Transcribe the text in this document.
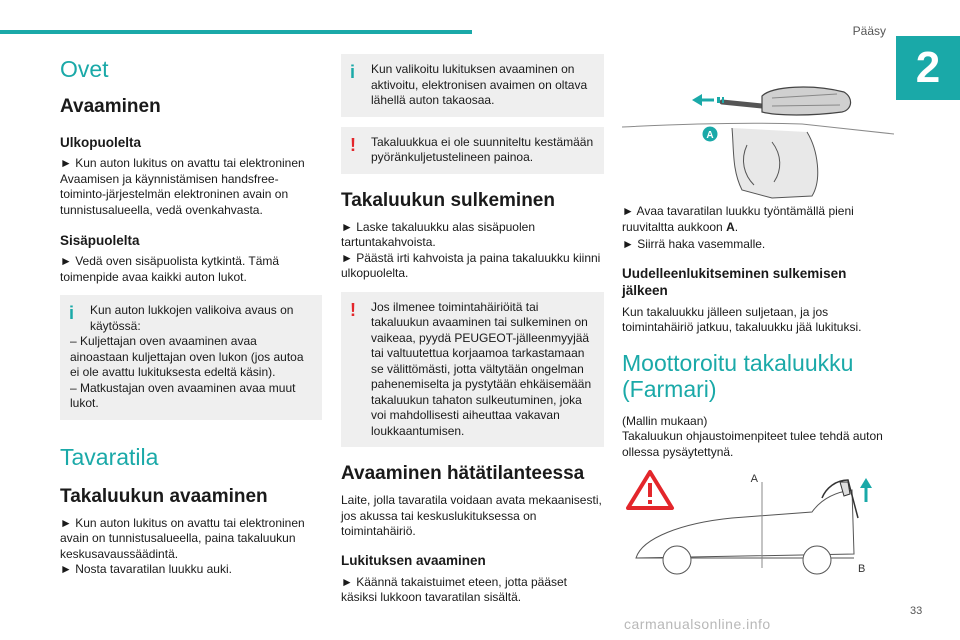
Pääsy
2
Ovet
Avaaminen
Ulkopuolelta
► Kun auton lukitus on avattu tai elektroninen Avaamisen ja käynnistämisen handsfree-toiminto-järjestelmän elektroninen avain on tunnistusalueella, vedä ovenkahvasta.
Sisäpuolelta
► Vedä oven sisäpuolista kytkintä. Tämä toimenpide avaa kaikki auton lukot.
i Kun auton lukkojen valikoiva avaus on käytössä:
– Kuljettajan oven avaaminen avaa ainoastaan kuljettajan oven lukon (jos autoa ei ole avattu lukituksesta edeltä käsin).
– Matkustajan oven avaaminen avaa muut lukot.
Tavaratila
Takaluukun avaaminen
► Kun auton lukitus on avattu tai elektroninen avain on tunnistusalueella, paina takaluukun keskusavaussäädintä.
► Nosta tavaratilan luukku auki.
i Kun valikoitu lukituksen avaaminen on aktivoitu, elektronisen avaimen on oltava lähellä auton takaosaa.
! Takaluukkua ei ole suunniteltu kestämään pyöränkuljetustelineen painoa.
Takaluukun sulkeminen
► Laske takaluukku alas sisäpuolen tartuntakahvoista.
► Päästä irti kahvoista ja paina takaluukku kiinni ulkopuolelta.
! Jos ilmenee toimintahäiriöitä tai takaluukun avaaminen tai sulkeminen on vaikeaa, pyydä PEUGEOT-jälleenmyyjää tai valtuutettua korjaamoa tarkastamaan se välittömästi, jotta vältytään ongelman pahenemiselta ja pystytään ehkäisemään takaluukun tahaton sulkeutuminen, joka voi mahdollisesti aiheuttaa vakavan loukkaantumisen.
Avaaminen hätätilanteessa
Laite, jolla tavaratila voidaan avata mekaanisesti, jos akussa tai keskuslukituksessa on toimintahäiriö.
Lukituksen avaaminen
► Käännä takaistuimet eteen, jotta pääset käsiksi lukkoon tavaratilan sisältä.
A
► Avaa tavaratilan luukku työntämällä pieni ruuvitaltta aukkoon A.
► Siirrä haka vasemmalle.
Uudelleenlukitseminen sulkemisen jälkeen
Kun takaluukku jälleen suljetaan, ja jos toimintahäiriö jatkuu, takaluukku jää lukituksi.
Moottoroitu takaluukku (Farmari)
(Mallin mukaan)
Takaluukun ohjaustoimenpiteet tulee tehdä auton ollessa pysäytettynä.
A
B
33
carmanualsonline.info
